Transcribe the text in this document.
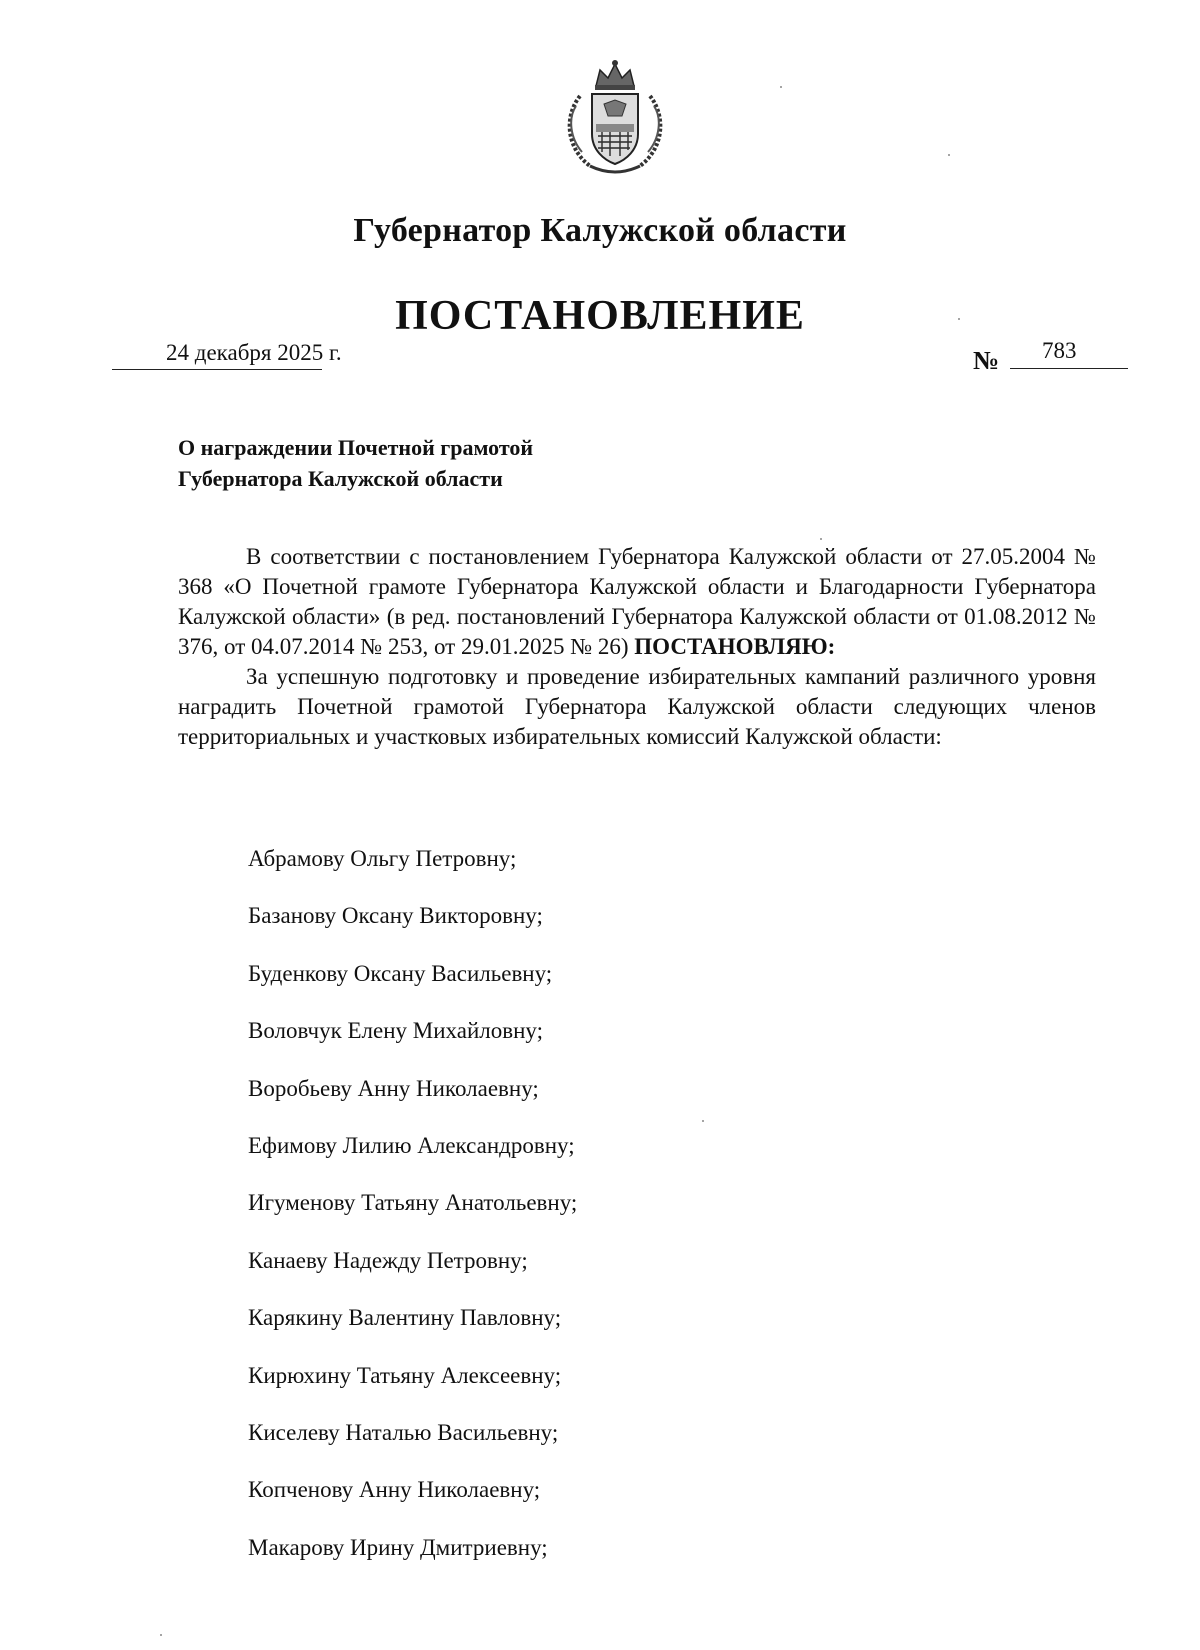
Губернатор Калужской области
ПОСТАНОВЛЕНИЕ
24 декабря 2025 г.	№ 783
О награждении Почетной грамотой
Губернатора Калужской области

В соответствии с постановлением Губернатора Калужской области от 27.05.2004 № 368 «О Почетной грамоте Губернатора Калужской области и Благодарности Губернатора Калужской области» (в ред. постановлений Губернатора Калужской области от 01.08.2012 № 376, от 04.07.2014 № 253, от 29.01.2025 № 26) ПОСТАНОВЛЯЮ:

За успешную подготовку и проведение избирательных кампаний различного уровня наградить Почетной грамотой Губернатора Калужской области следующих членов территориальных и участковых избирательных комиссий Калужской области:

Абрамову Ольгу Петровну;
Базанову Оксану Викторовну;
Буденкову Оксану Васильевну;
Воловчук Елену Михайловну;
Воробьеву Анну Николаевну;
Ефимову Лилию Александровну;
Игуменову Татьяну Анатольевну;
Канаеву Надежду Петровну;
Карякину Валентину Павловну;
Кирюхину Татьяну Алексеевну;
Киселеву Наталью Васильевну;
Копченову Анну Николаевну;
Макарову Ирину Дмитриевну;
